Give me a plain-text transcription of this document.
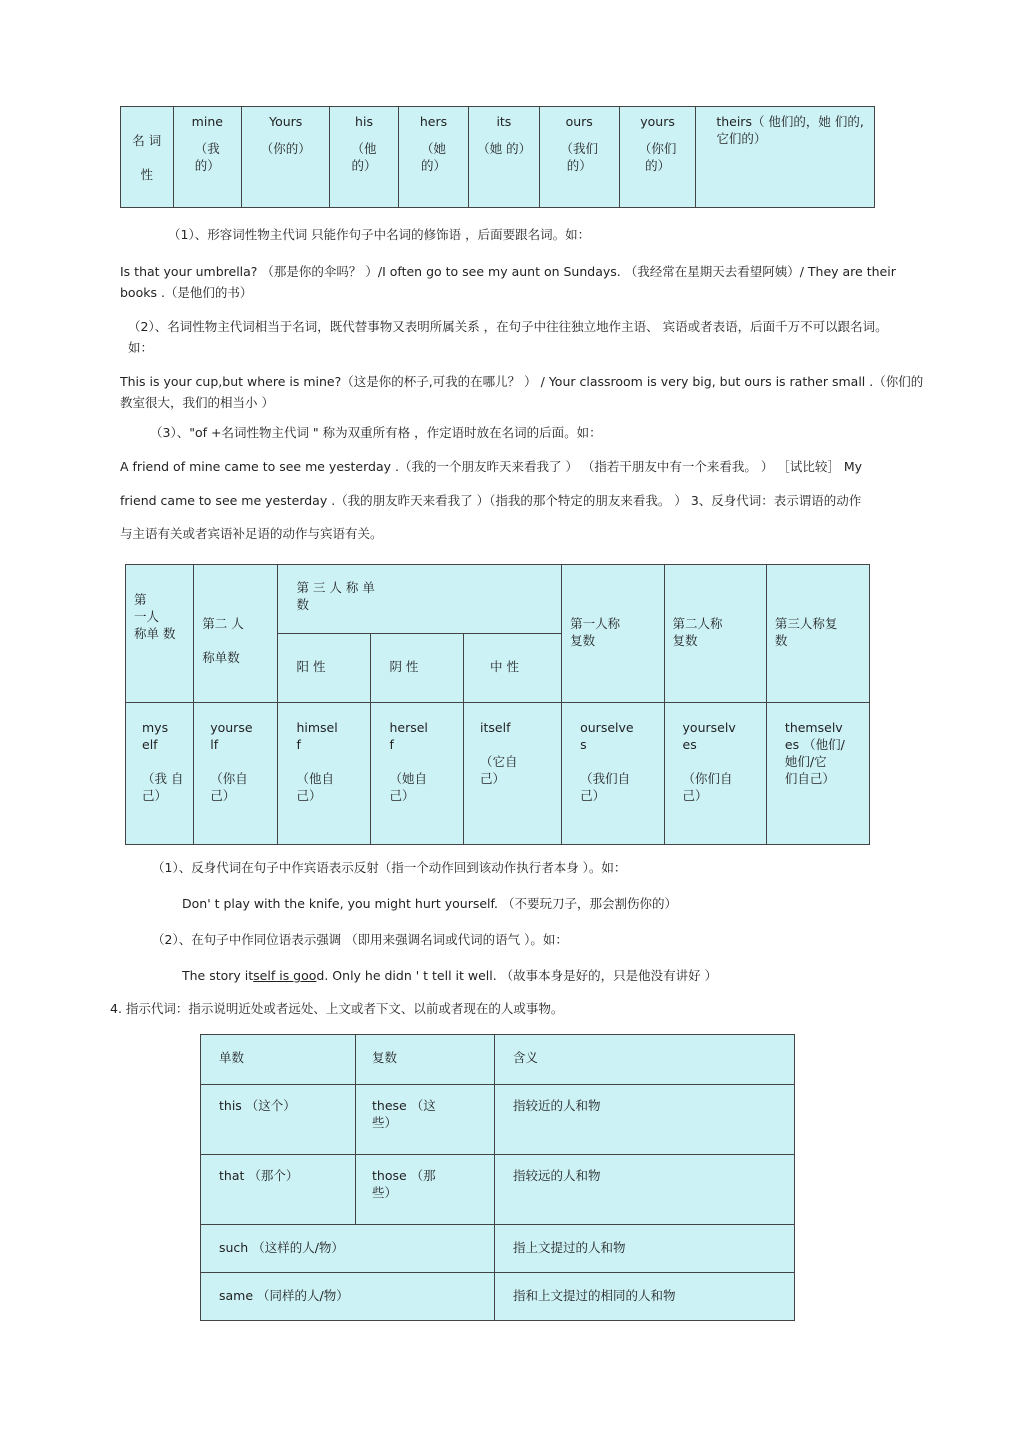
名 词

性	mine
（我
的）
	Yours
（你的）
	his
（他
的）
	hers
（她
的）
	its
（她 的）
	ours
（我们
的）
	yours
（你们
的）
	theirs（ 他们的，她 们的, 它们的）

（1）、形容词性物主代词 只能作句子中名词的修饰语 ，后面要跟名词。如：

Is that your umbrella? （那是你的伞吗？ ）/I often go to see my aunt on Sundays. （我经常在星期天去看望阿姨）/ They are their books .（是他们的书）

（2）、名词性物主代词相当于名词，既代替事物又表明所属关系 ，在句子中往往独立地作主语、 宾语或者表语，后面千万不可以跟名词。如：

This is your cup,but where is mine?（这是你的杯子,可我的在哪儿？ ） / Your classroom is very big, but ours is rather small .（你们的教室很大，我们的相当小 ）

（3）、"of +名词性物主代词 " 称为双重所有格 ，作定语时放在名词的后面。如：

A friend of mine came to see me yesterday .（我的一个朋友昨天来看我了 ） （指若干朋友中有一个来看我。 ） ［试比较］ My

friend came to see me yesterday .（我的朋友昨天来看我了 ）（指我的那个特定的朋友来看我。 ） 3、反身代词：表示谓语的动作

与主语有关或者宾语补足语的动作与宾语有关。

第
一人
称单 数	第二 人

称单数	第 三 人 称 单
数			第一人称
复数	第二人称
复数	第三人称复
数
		阳 性	阴 性	中 性			
mys
elf

（我 自
己）	yourse
lf

（你自
己）	himsel
f

（他自
己）	hersel
f

（她自
己）	itself

（它自
己）	ourselve
s

（我们自
己）	yourselv
es

（你们自
己）	themselv
es （他们/
她们/它
们自己）

（1）、反身代词在句子中作宾语表示反射（指一个动作回到该动作执行者本身 ）。如：

Don' t play with the knife, you might hurt yourself. （不要玩刀子，那会割伤你的）

（2）、在句子中作同位语表示强调 （即用来强调名词或代词的语气 ）。如：

The story itself is good. Only he didn ' t tell it well. （故事本身是好的，只是他没有讲好 ）

4. 指示代词：指示说明近处或者远处、上文或者下文、以前或者现在的人或事物。

单数	复数	含义
this （这个）	these （这
些）	指较近的人和物
that （那个）	those （那
些）	指较远的人和物
such （这样的人/物）		指上文提过的人和物
same （同样的人/物）		指和上文提过的相同的人和物
